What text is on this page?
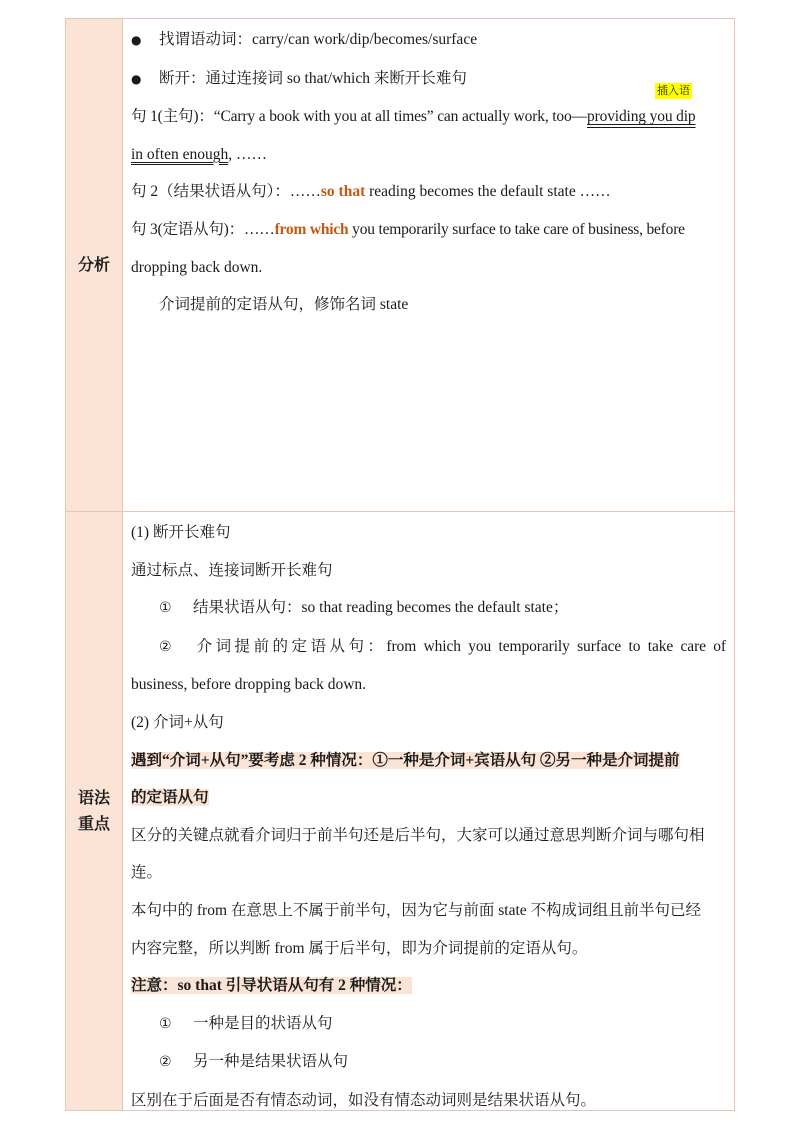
分析
● 找谓语动词：carry/can work/dip/becomes/surface
● 断开：通过连接词 so that/which 来断开长难句
插入语
句 1(主句)：“Carry a book with you at all times” can actually work, too—providing you dip
in often enough, ……
句 2（结果状语从句）：……so that reading becomes the default state ……
句 3(定语从句)：……from which you temporarily surface to take care of business, before
dropping back down.
介词提前的定语从句，修饰名词 state
语法
重点
(1) 断开长难句
通过标点、连接词断开长难句
① 结果状语从句：so that reading becomes the default state；
② 介词提前的定语从句：from which you temporarily surface to take care of
business, before dropping back down.
(2) 介词+从句
遇到“介词+从句”要考虑 2 种情况：①一种是介词+宾语从句 ②另一种是介词提前
的定语从句
区分的关键点就看介词归于前半句还是后半句，大家可以通过意思判断介词与哪句相
连。
本句中的 from 在意思上不属于前半句，因为它与前面 state 不构成词组且前半句已经
内容完整，所以判断 from 属于后半句，即为介词提前的定语从句。
注意：so that 引导状语从句有 2 种情况：
① 一种是目的状语从句
② 另一种是结果状语从句
区别在于后面是否有情态动词，如没有情态动词则是结果状语从句。
